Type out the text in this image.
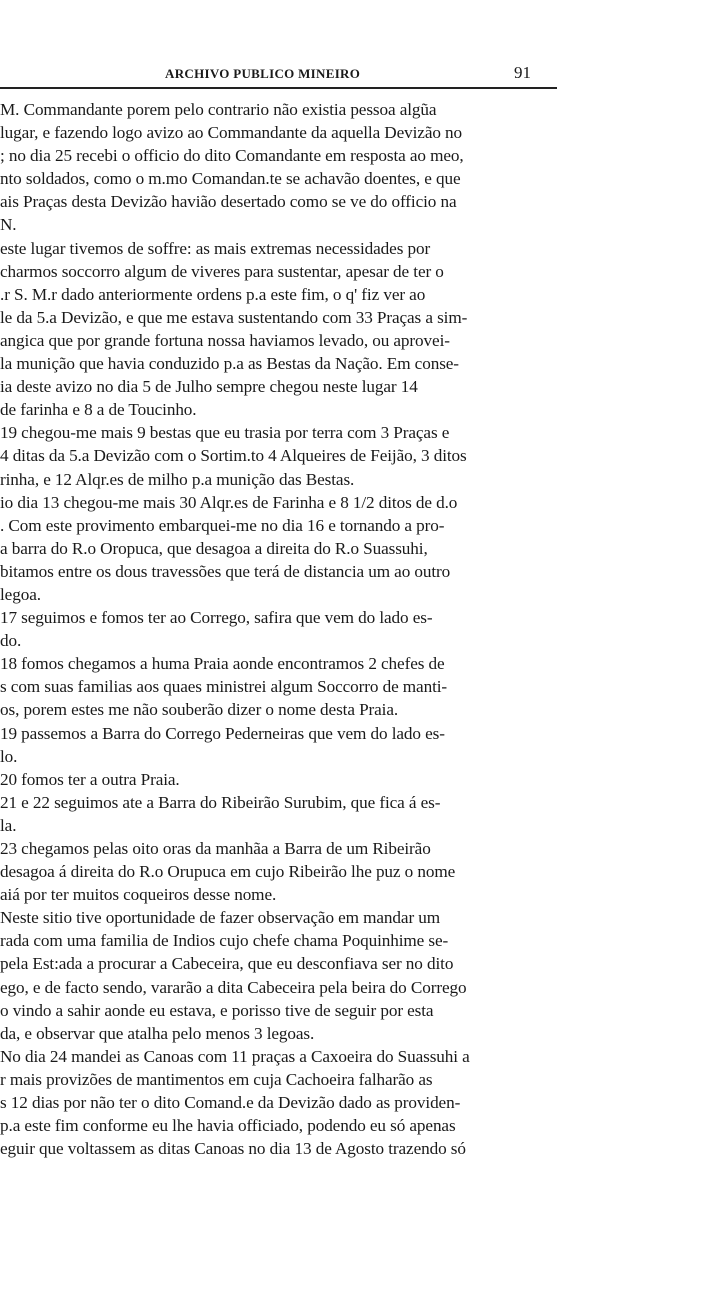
ARCHIVO PUBLICO MINEIRO	91
M. Commandante porem pelo contrario não existia pessoa algũa
lugar, e fazendo logo avizo ao Commandante da aquella Devizão no
; no dia 25 recebi o officio do dito Comandante em resposta ao meo,
nto soldados, como o m.mo Comandan.te se achavão doentes, e que
ais Praças desta Devizão havião desertado como se ve do officio na
N.
este lugar tivemos de soffre: as mais extremas necessidades por
charmos soccorro algum de viveres para sustentar, apesar de ter o
.r S. M.r dado anteriormente ordens p.a este fim, o q' fiz ver ao
le da 5.a Devizão, e que me estava sustentando com 33 Praças a sim-
angica que por grande fortuna nossa haviamos levado, ou aprovei-
la munição que havia conduzido p.a as Bestas da Nação. Em conse-
ia deste avizo no dia 5 de Julho sempre chegou neste lugar 14
de farinha e 8 a de Toucinho.
19 chegou-me mais 9 bestas que eu trasia por terra com 3 Praças e
4 ditas da 5.a Devizão com o Sortim.to 4 Alqueires de Feijão, 3 ditos
rinha, e 12 Alqr.es de milho p.a munição das Bestas.
io dia 13 chegou-me mais 30 Alqr.es de Farinha e 8 1/2 ditos de d.o
. Com este provimento embarquei-me no dia 16 e tornando a pro-
a barra do R.o Oropuca, que desagoa a direita do R.o Suassuhi,
bitamos entre os dous travessões que terá de distancia um ao outro
legoa.
17 seguimos e fomos ter ao Corrego, safira que vem do lado es-
do.
18 fomos chegamos a huma Praia aonde encontramos 2 chefes de
s com suas familias aos quaes ministrei algum Soccorro de manti-
os, porem estes me não souberão dizer o nome desta Praia.
19 passemos a Barra do Corrego Pederneiras que vem do lado es-
lo.
20 fomos ter a outra Praia.
21 e 22 seguimos ate a Barra do Ribeirão Surubim, que fica á es-
la.
23 chegamos pelas oito oras da manhãa a Barra de um Ribeirão
desagoa á direita do R.o Orupuca em cujo Ribeirão lhe puz o nome
aiá por ter muitos coqueiros desse nome.
Neste sitio tive oportunidade de fazer observação em mandar um
rada com uma familia de Indios cujo chefe chama Poquinhime se-
pela Est:ada a procurar a Cabeceira, que eu desconfiava ser no dito
ego, e de facto sendo, vararão a dita Cabeceira pela beira do Corrego
o vindo a sahir aonde eu estava, e porisso tive de seguir por esta
da, e observar que atalha pelo menos 3 legoas.
No dia 24 mandei as Canoas com 11 praças a Caxoeira do Suassuhi a
r mais provizões de mantimentos em cuja Cachoeira falharão as
s 12 dias por não ter o dito Comand.e da Devizão dado as providen-
p.a este fim conforme eu lhe havia officiado, podendo eu só apenas
eguir que voltassem as ditas Canoas no dia 13 de Agosto trazendo só
